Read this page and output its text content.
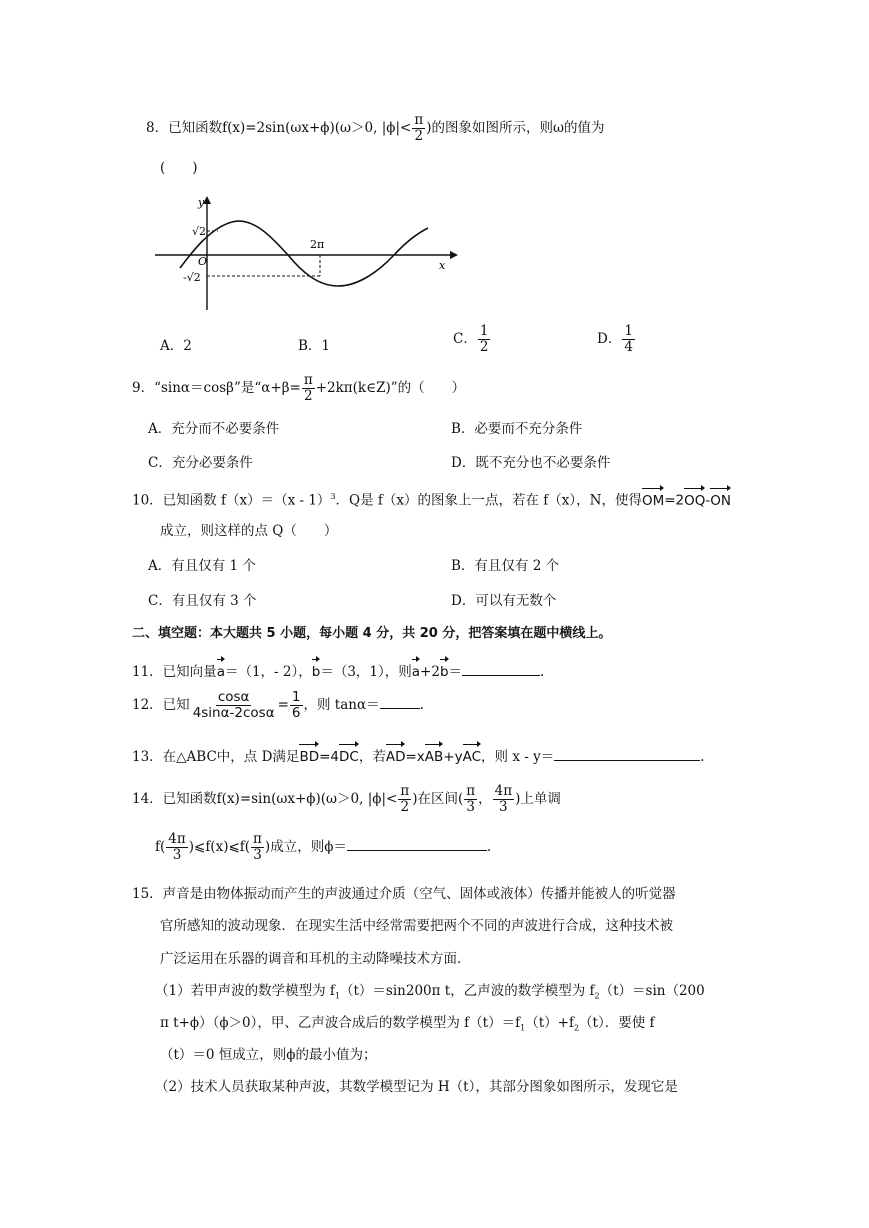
8．已知函数f(x)=2sin(ωx+ϕ)(ω＞0, $|\phi|< \frac{\pi}{2}$ )的图象如图所示，则ω的值为
(　　)
y
x
O
√2
-√2
2π
A．2	B．1	C． $\frac{1}{2}$	D． $\frac{1}{4}$
9．“sinα＝cosβ”是“$\alpha+\beta= \frac{\pi}{2}$ +2kπ(k∈Z)”的（　　）
A．充分而不必要条件	B．必要而不充分条件
C．充分必要条件	D．既不充分也不必要条件
10．已知函数 f（x）＝（x - 1）$^3$．Q是 f（x）的图象上一点，若在 f（x），N，使得OM=2OQ-ON
成立，则这样的点 Q（　　）
A．有且仅有 1 个	B．有且仅有 2 个
C．有且仅有 3 个	D．可以有无数个
二、填空题：本大题共 5 小题，每小题 4 分，共 20 分，把答案填在题中横线上。
11．已知向量a＝（1，- 2），b＝（3，1），则a+2b＝	.
12．已知 $\frac{\cos\alpha}{4\sin\alpha-2\cos\alpha} = \frac{1}{6}$ ，则 tanα＝	.
13．在△ABC中，点 D满足BD=4DC，若AD=xAB+yAC，则 x - y＝	.
14．已知函数f(x)=sin(ωx+ϕ)(ω＞0, $|\phi|< \frac{\pi}{2}$ )在区间( $\frac{\pi}{3}$ ， $\frac{4\pi}{3}$ )上单调
$f( \frac{4\pi}{3}$ )⩽f(x)⩽f( $\frac{\pi}{3}$ )成立，则ϕ＝	.
15．声音是由物体振动而产生的声波通过介质（空气、固体或液体）传播并能被人的听觉器
官所感知的波动现象．在现实生活中经常需要把两个不同的声波进行合成，这种技术被
广泛运用在乐器的调音和耳机的主动降噪技术方面．
（1）若甲声波的数学模型为 $f_1(t)=\sin 200\pi$ t，乙声波的数学模型为 $f_2(t)=\sin(200$
π t+ϕ）（ϕ＞0），甲、乙声波合成后的数学模型为 $f(t)=f_1(t)+f_2(t)$．要使 f
（t）＝0 恒成立，则ϕ的最小值为；
（2）技术人员获取某种声波，其数学模型记为 H（t），其部分图象如图所示，发现它是
